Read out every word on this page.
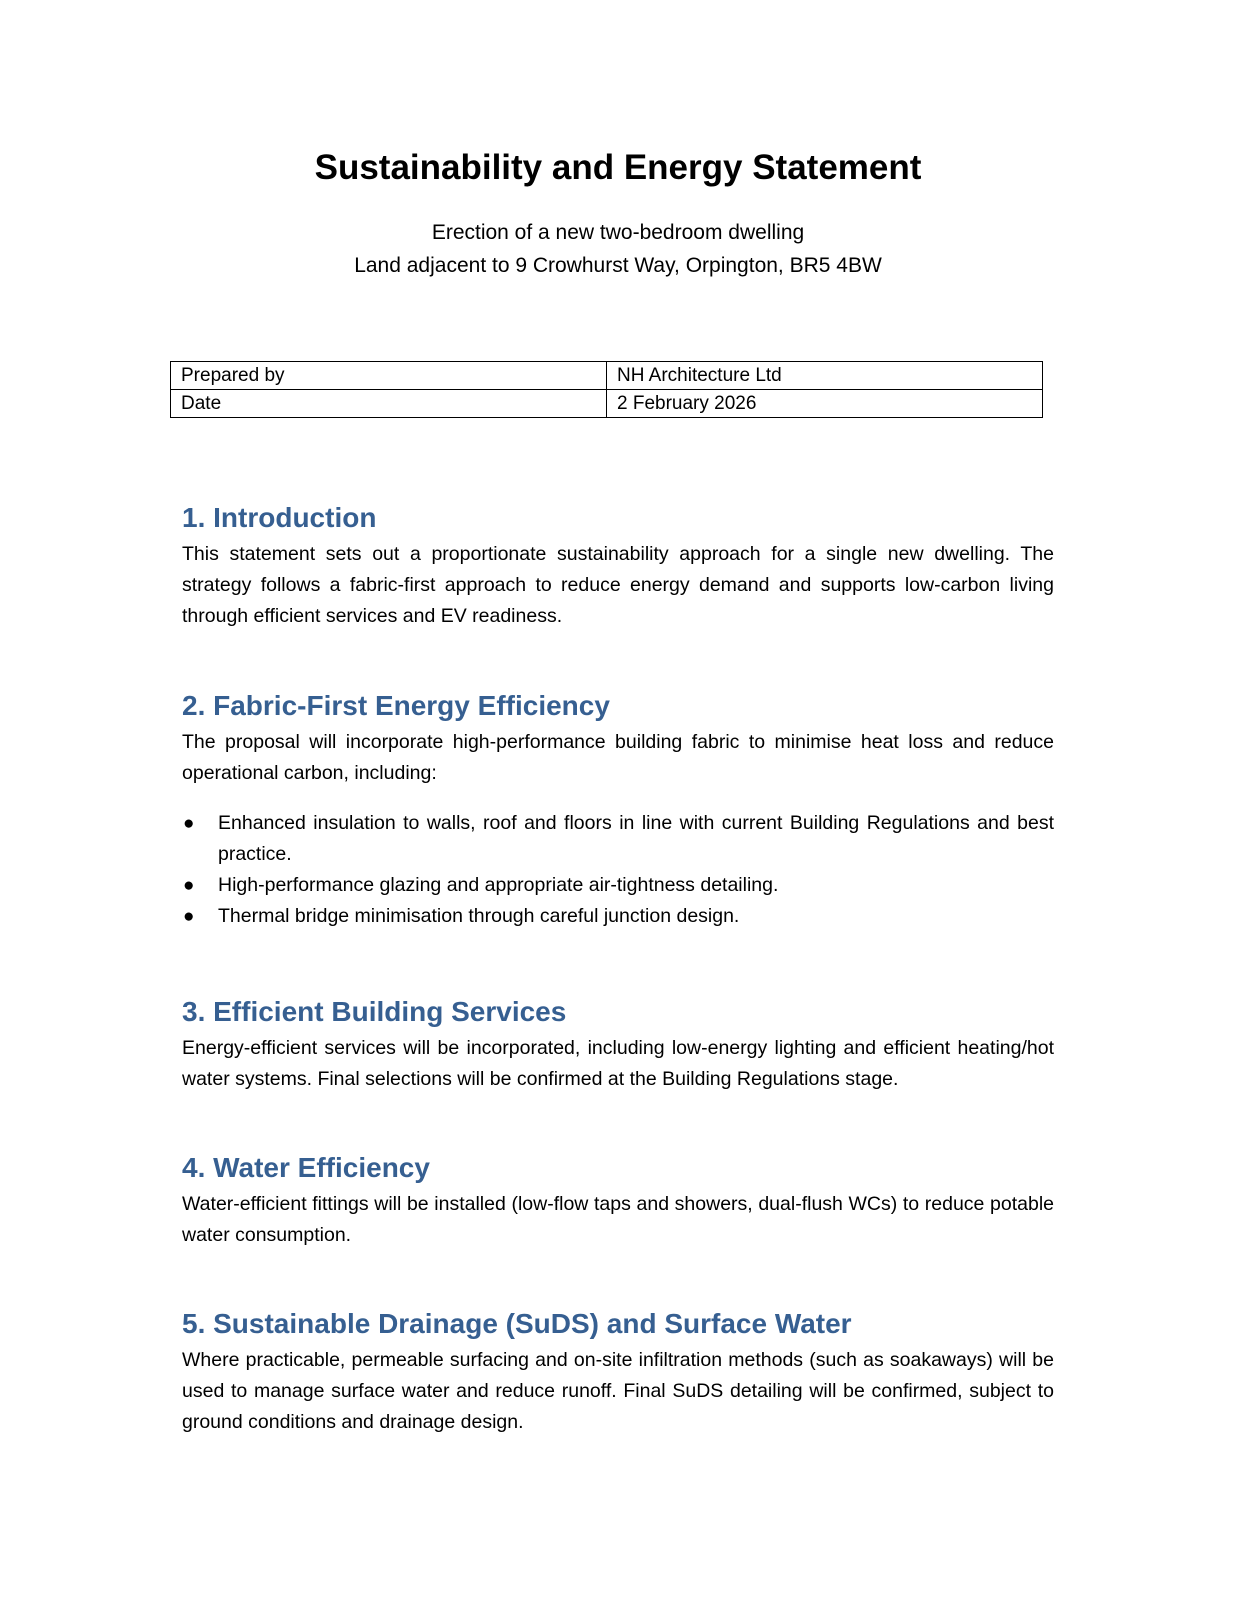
Sustainability and Energy Statement

Erection of a new two-bedroom dwelling

Land adjacent to 9 Crowhurst Way, Orpington, BR5 4BW

Prepared by	NH Architecture Ltd
Date	2 February 2026
1. Introduction

This statement sets out a proportionate sustainability approach for a single new dwelling. The strategy follows a fabric-first approach to reduce energy demand and supports low-carbon living through efficient services and EV readiness.

2. Fabric-First Energy Efficiency

The proposal will incorporate high-performance building fabric to minimise heat loss and reduce operational carbon, including:

● Enhanced insulation to walls, roof and floors in line with current Building Regulations and best practice.
● High-performance glazing and appropriate air-tightness detailing.
● Thermal bridge minimisation through careful junction design.
3. Efficient Building Services

Energy-efficient services will be incorporated, including low-energy lighting and efficient heating/hot water systems. Final selections will be confirmed at the Building Regulations stage.

4. Water Efficiency

Water-efficient fittings will be installed (low-flow taps and showers, dual-flush WCs) to reduce potable water consumption.

5. Sustainable Drainage (SuDS) and Surface Water

Where practicable, permeable surfacing and on-site infiltration methods (such as soakaways) will be used to manage surface water and reduce runoff. Final SuDS detailing will be confirmed, subject to ground conditions and drainage design.
